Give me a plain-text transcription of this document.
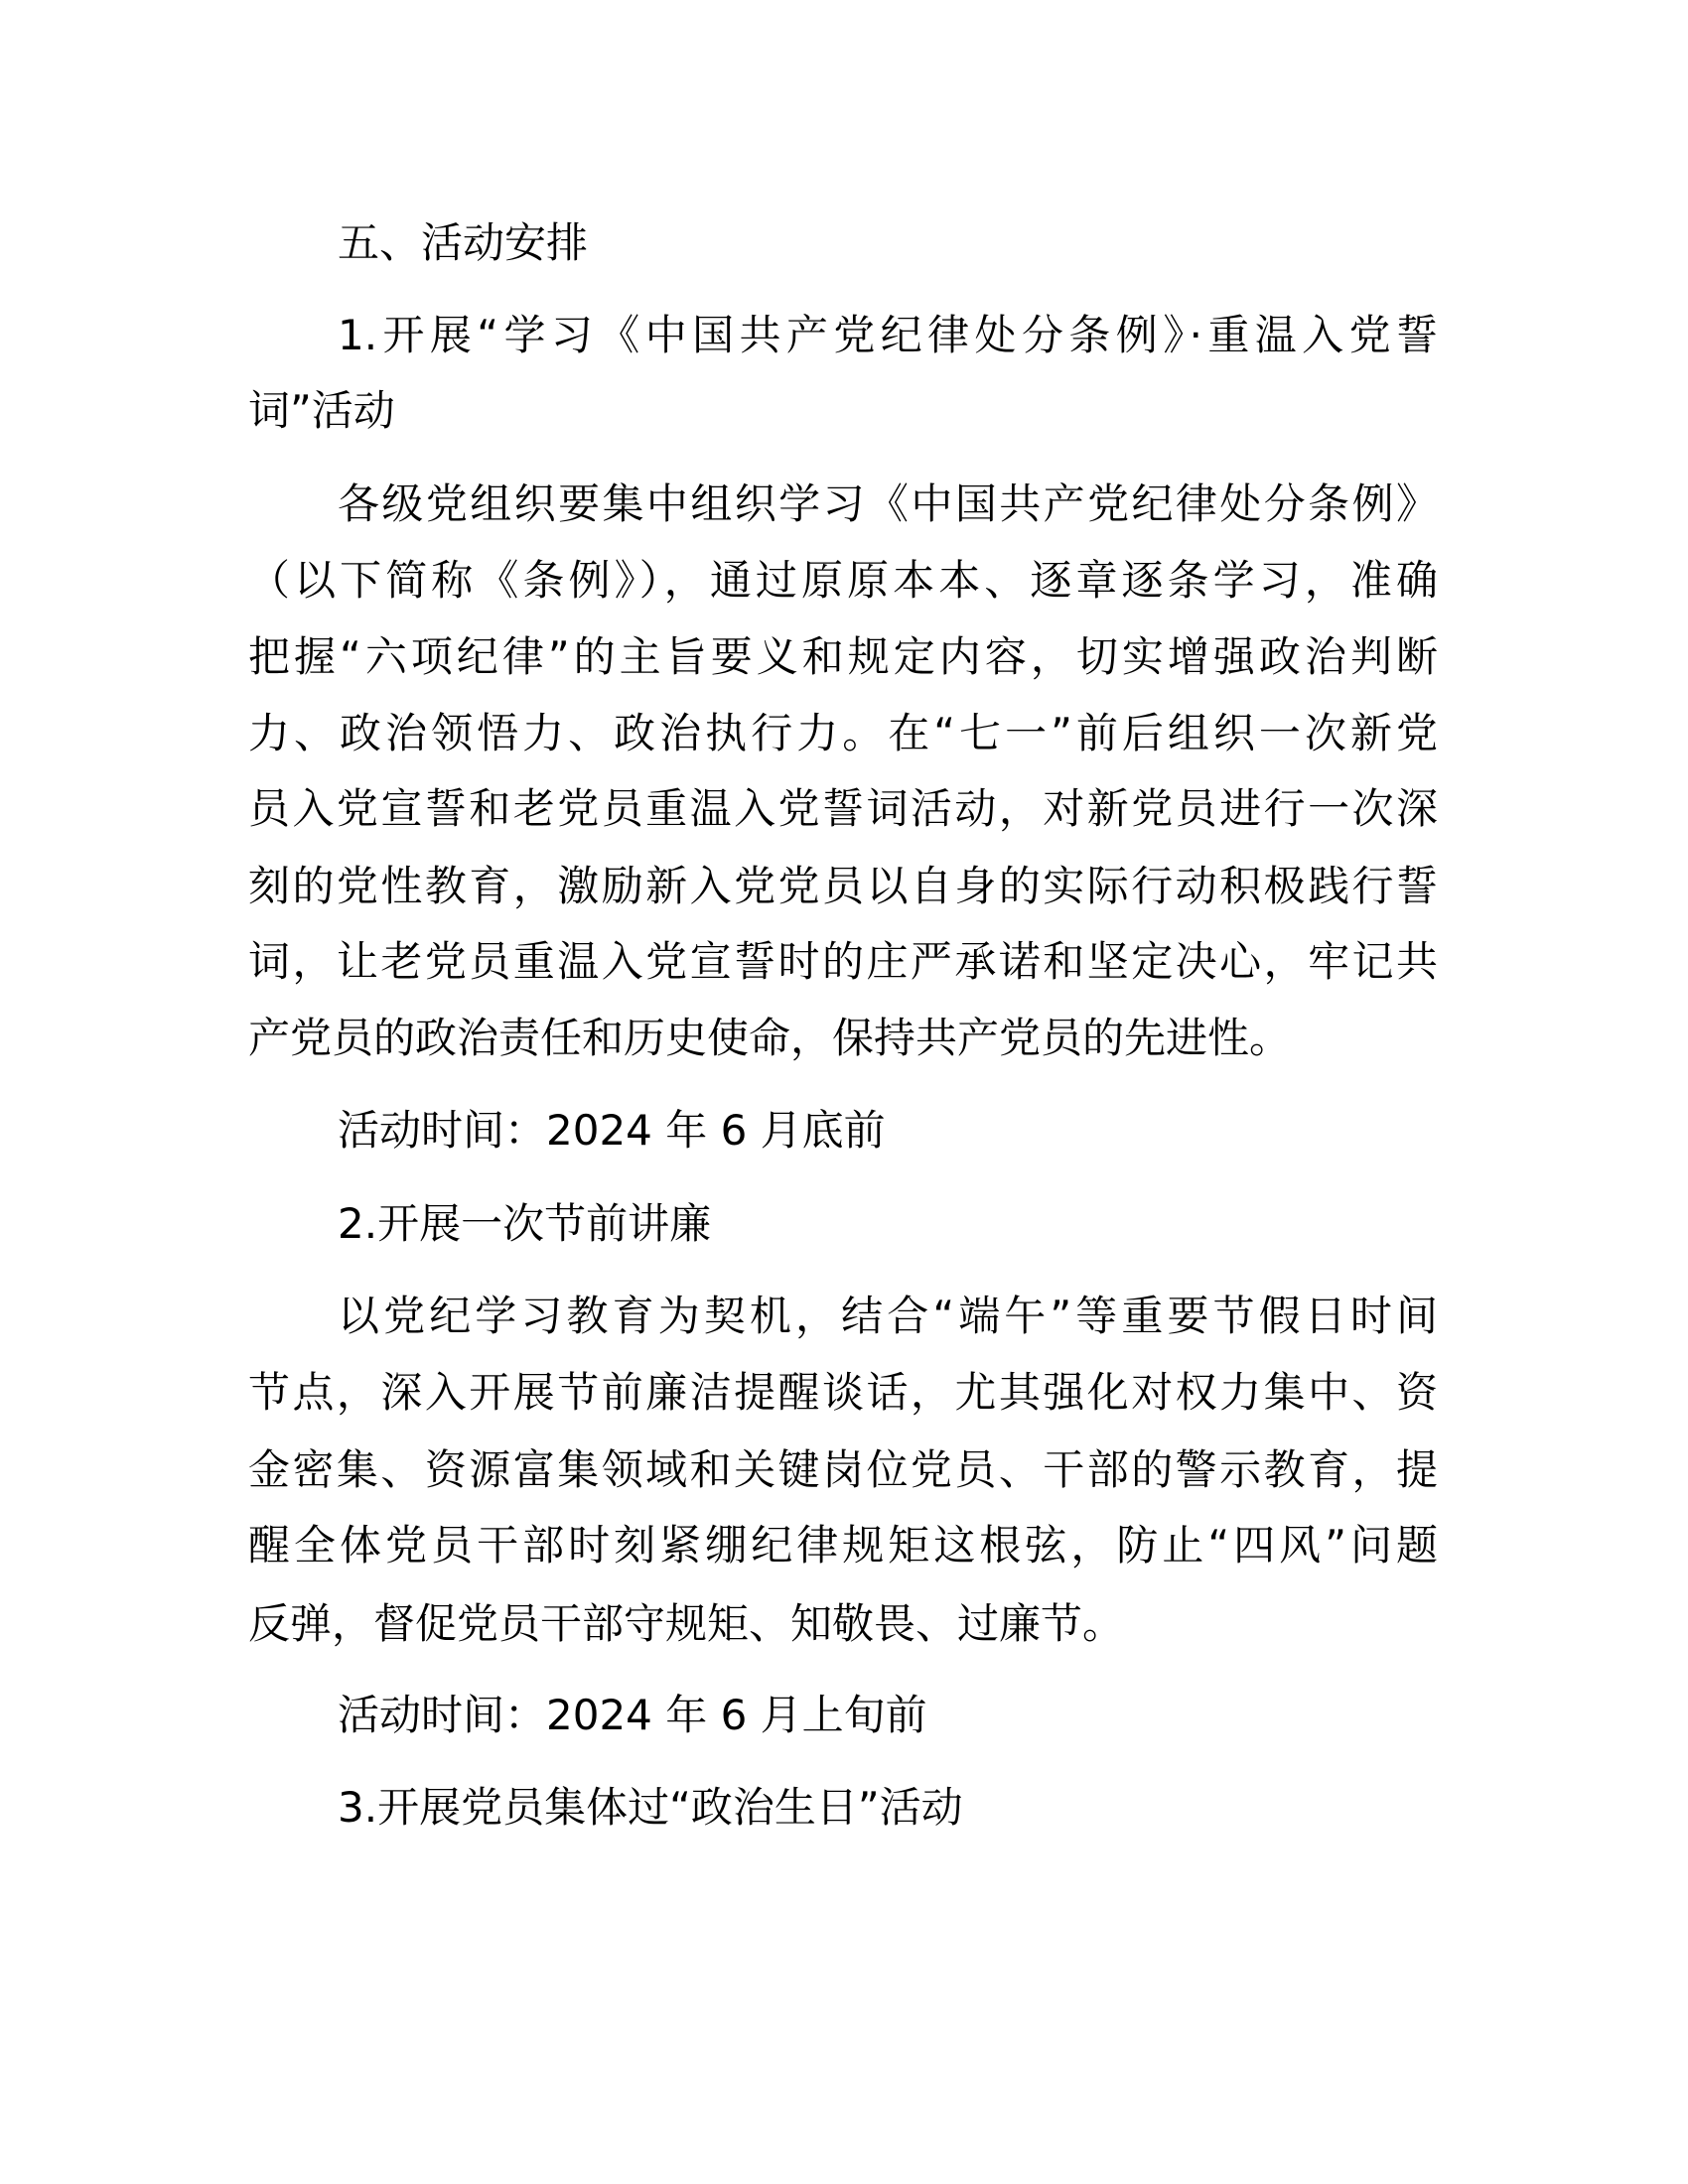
五、活动安排
1.开展“学习《中国共产党纪律处分条例》·重温入党誓
词”活动
各级党组织要集中组织学习《中国共产党纪律处分条例》
（以下简称《条例》），通过原原本本、逐章逐条学习，准确
把握“六项纪律”的主旨要义和规定内容，切实增强政治判断
力、政治领悟力、政治执行力。在“七一”前后组织一次新党
员入党宣誓和老党员重温入党誓词活动，对新党员进行一次深
刻的党性教育，激励新入党党员以自身的实际行动积极践行誓
词，让老党员重温入党宣誓时的庄严承诺和坚定决心，牢记共
产党员的政治责任和历史使命，保持共产党员的先进性。
活动时间：2024 年 6 月底前
2.开展一次节前讲廉
以党纪学习教育为契机，结合“端午”等重要节假日时间
节点，深入开展节前廉洁提醒谈话，尤其强化对权力集中、资
金密集、资源富集领域和关键岗位党员、干部的警示教育，提
醒全体党员干部时刻紧绷纪律规矩这根弦，防止“四风”问题
反弹，督促党员干部守规矩、知敬畏、过廉节。
活动时间：2024 年 6 月上旬前
3.开展党员集体过“政治生日”活动
